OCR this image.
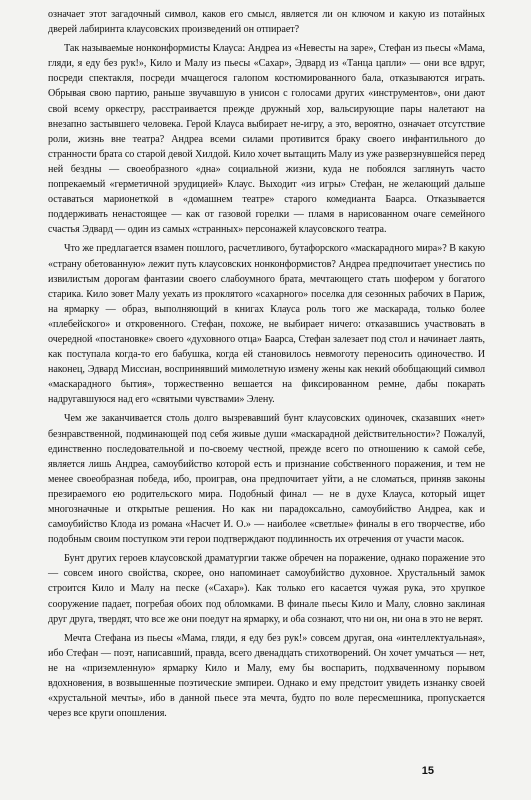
означает этот загадочный символ, каков его смысл, является ли он ключом и какую из потайных дверей лабиринта клаусовских произведений он отпирает?

Так называемые нонконформисты Клауса: Андреа из «Невесты на заре», Стефан из пьесы «Мама, гляди, я еду без рук!», Кило и Малу из пьесы «Сахар», Эдвард из «Танца цапли» — они все вдруг, посреди спектакля, посреди мчащегося галопом костюмированного бала, отказываются играть. Обрывая свою партию, раньше звучавшую в унисон с голосами других «инструментов», они дают свой всему оркестру, расстраивается прежде дружный хор, вальсирующие пары налетают на внезапно застывшего человека. Герой Клауса выбирает не-игру, а это, вероятно, означает отсутствие роли, жизнь вне театра? Андреа всеми силами противится браку своего инфантильного до странности брата со старой девой Хилдой. Кило хочет вытащить Малу из уже разверзнувшейся перед ней бездны — своеобразного «дна» социальной жизни, куда не побоялся заглянуть часто попрекаемый «герметичной эрудицией» Клаус. Выходит «из игры» Стефан, не желающий дальше оставаться марионеткой в «домашнем театре» старого комедианта Баарса. Отказывается поддерживать ненастоящее — как от газовой горелки — пламя в нарисованном очаге семейного счастья Эдвард — один из самых «странных» персонажей клаусовского театра.

Что же предлагается взамен пошлого, расчетливого, бутафорского «маскарадного мира»? В какую «страну обетованную» лежит путь клаусовских нонконформистов? Андреа предпочитает унестись по извилистым дорогам фантазии своего слабоумного брата, мечтающего стать шофером у богатого старика. Кило зовет Малу уехать из проклятого «сахарного» поселка для сезонных рабочих в Париж, на ярмарку — образ, выполняющий в книгах Клауса роль того же маскарада, только более «плебейского» и откровенного. Стефан, похоже, не выбирает ничего: отказавшись участвовать в очередной «постановке» своего «духовного отца» Баарса, Стефан залезает под стол и начинает лаять, как поступала когда-то его бабушка, когда ей становилось невмоготу переносить одиночество. И наконец, Эдвард Миссиан, воспринявший мимолетную измену жены как некий обобщающий символ «маскарадного бытия», торжественно вешается на фиксированном ремне, дабы покарать надругавшуюся над его «святыми чувствами» Элену.

Чем же заканчивается столь долго вызревавший бунт клаусовских одиночек, сказавших «нет» безнравственной, подминающей под себя живые души «маскарадной действительности»? Пожалуй, единственно последовательной и по-своему честной, прежде всего по отношению к самой себе, является лишь Андреа, самоубийство которой есть и признание собственного поражения, и тем не менее своеобразная победа, ибо, проиграв, она предпочитает уйти, а не сломаться, приняв законы презираемого ею родительского мира. Подобный финал — не в духе Клауса, который ищет многозначные и открытые решения. Но как ни парадоксально, самоубийство Андреа, как и самоубийство Клода из романа «Насчет И. О.» — наиболее «светлые» финалы в его творчестве, ибо подобным своим поступком эти герои подтверждают подлинность их отречения от участи масок.

Бунт других героев клаусовской драматургии также обречен на поражение, однако поражение это — совсем иного свойства, скорее, оно напоминает самоубийство духовное. Хрустальный замок строится Кило и Малу на песке («Сахар»). Как только его касается чужая рука, это хрупкое сооружение падает, погребая обоих под обломками. В финале пьесы Кило и Малу, словно заклиная друг друга, твердят, что все же они поедут на ярмарку, и оба сознают, что ни он, ни она в это не верят.

Мечта Стефана из пьесы «Мама, гляди, я еду без рук!» совсем другая, она «интеллектуальная», ибо Стефан — поэт, написавший, правда, всего двенадцать стихотворений. Он хочет умчаться — нет, не на «приземленную» ярмарку Кило и Малу, ему бы воспарить, подхваченному порывом вдохновения, в возвышенные поэтические эмпиреи. Однако и ему предстоит увидеть изнанку своей «хрустальной мечты», ибо в данной пьесе эта мечта, будто по воле пересмешника, пропускается через все круги опошления.

15
